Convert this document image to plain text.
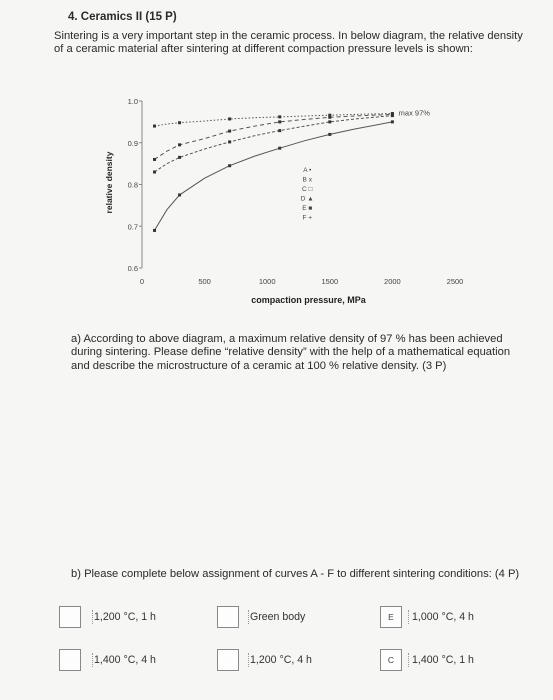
4. Ceramics II (15 P)
Sintering is a very important step in the ceramic process. In below diagram, the relative density of a ceramic material after sintering at different compaction pressure levels is shown:
0.6
0.7
0.8
0.9
1.0
0	500	1000	1500	2000	2500
compaction pressure, MPa
relative density
max 97%
A •
B x
C □
D ▲
E ■
F +
a) According to above diagram, a maximum relative density of 97 % has been achieved during sintering. Please define “relative density” with the help of a mathematical equation and describe the microstructure of a ceramic at 100 % relative density. (3 P)
b) Please complete below assignment of curves A - F to different sintering conditions: (4 P)
1,200 °C, 1 h	Green body	E	1,000 °C, 4 h
1,400 °C, 4 h	1,200 °C, 4 h	C	1,400 °C, 1 h
